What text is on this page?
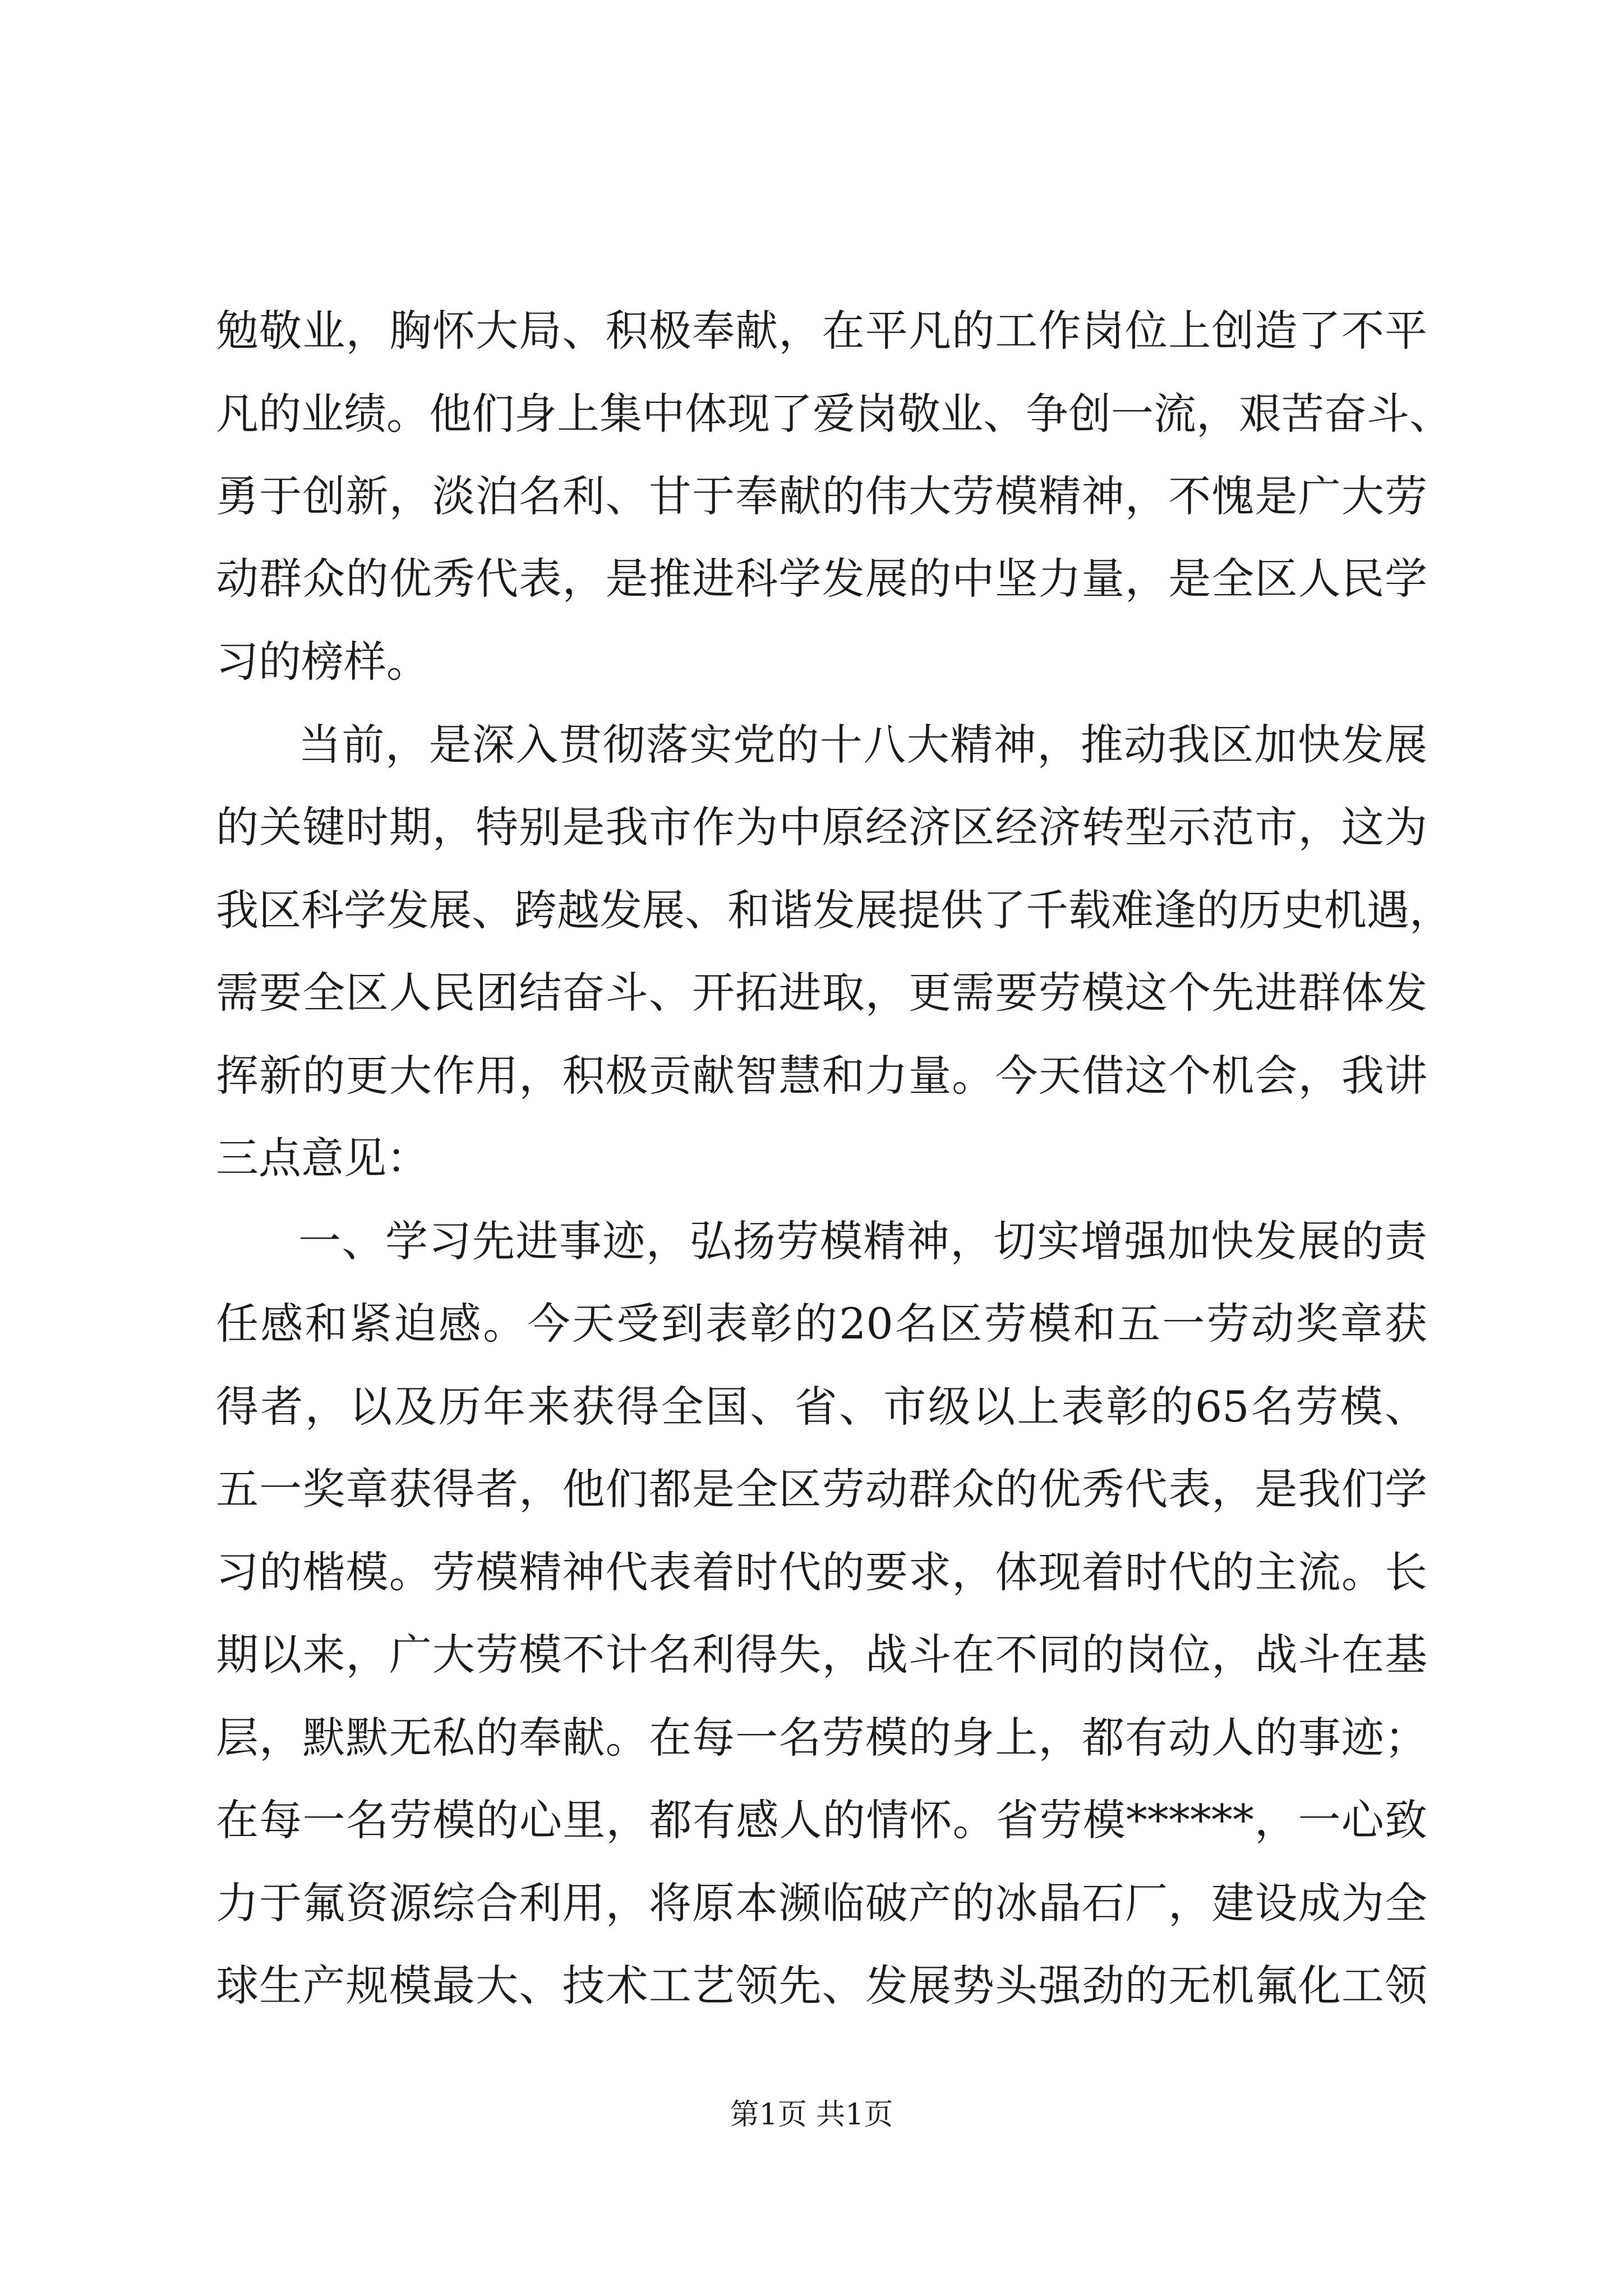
勉敬业，胸怀大局、积极奉献，在平凡的工作岗位上创造了不平
凡的业绩。他们身上集中体现了爱岗敬业、争创一流，艰苦奋斗、
勇于创新，淡泊名利、甘于奉献的伟大劳模精神，不愧是广大劳
动群众的优秀代表，是推进科学发展的中坚力量，是全区人民学
习的榜样。
当前，是深入贯彻落实党的十八大精神，推动我区加快发展
的关键时期，特别是我市作为中原经济区经济转型示范市，这为
我区科学发展、跨越发展、和谐发展提供了千载难逢的历史机遇，
需要全区人民团结奋斗、开拓进取，更需要劳模这个先进群体发
挥新的更大作用，积极贡献智慧和力量。今天借这个机会，我讲
三点意见：
一、学习先进事迹，弘扬劳模精神，切实增强加快发展的责
任感和紧迫感。今天受到表彰的20名区劳模和五一劳动奖章获
得者，以及历年来获得全国、省、市级以上表彰的65名劳模、
五一奖章获得者，他们都是全区劳动群众的优秀代表，是我们学
习的楷模。劳模精神代表着时代的要求，体现着时代的主流。长
期以来，广大劳模不计名利得失，战斗在不同的岗位，战斗在基
层，默默无私的奉献。在每一名劳模的身上，都有动人的事迹；
在每一名劳模的心里，都有感人的情怀。省劳模******，一心致
力于氟资源综合利用，将原本濒临破产的冰晶石厂，建设成为全
球生产规模最大、技术工艺领先、发展势头强劲的无机氟化工领
第1页 共1页
